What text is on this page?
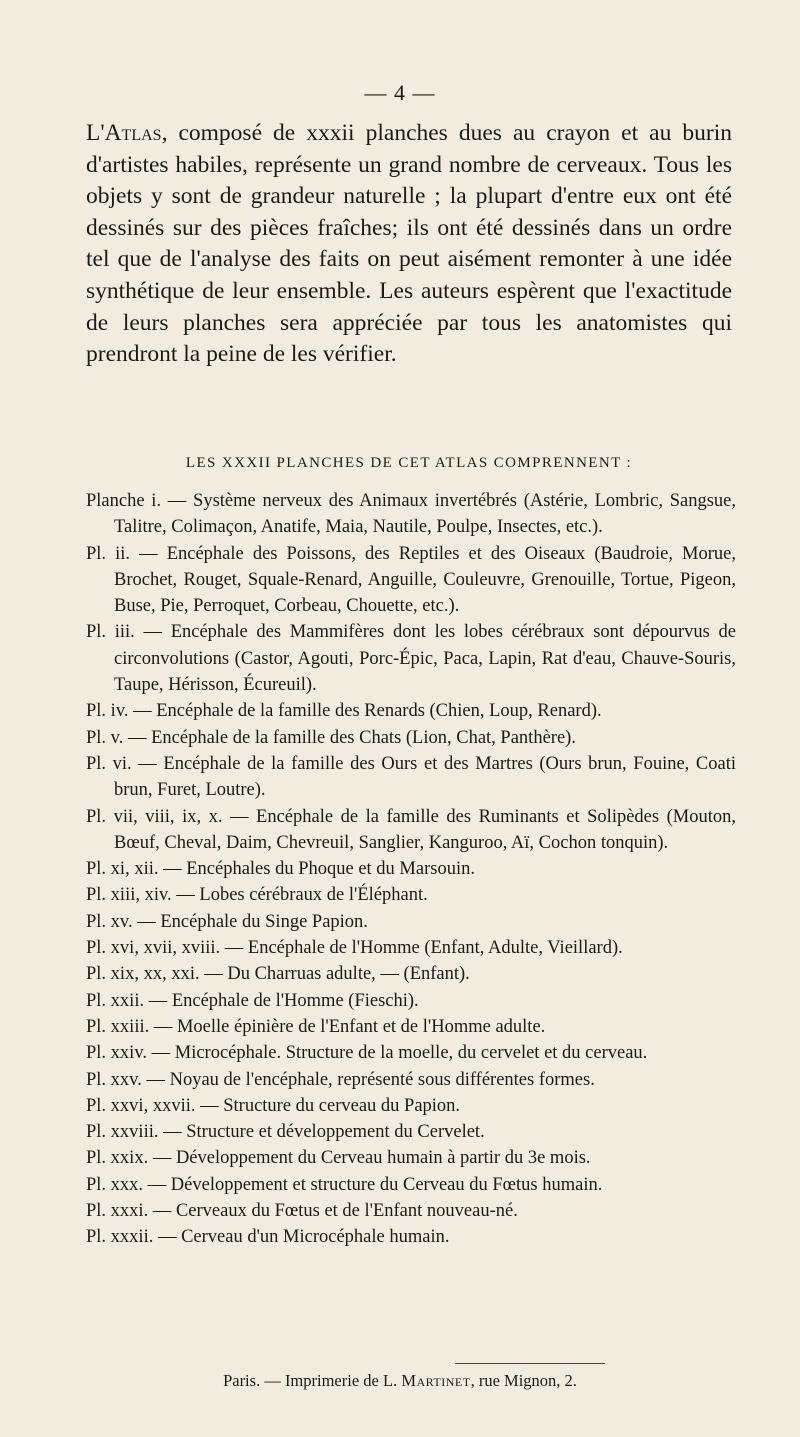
— 4 —

L'Atlas, composé de xxxii planches dues au crayon et au burin d'artistes habiles, représente un grand nombre de cerveaux. Tous les objets y sont de grandeur naturelle ; la plupart d'entre eux ont été dessinés sur des pièces fraîches; ils ont été dessinés dans un ordre tel que de l'analyse des faits on peut aisément remonter à une idée synthétique de leur ensemble. Les auteurs espèrent que l'exactitude de leurs planches sera appréciée par tous les anatomistes qui prendront la peine de les vérifier.

LES XXXII PLANCHES DE CET ATLAS COMPRENNENT :

Planche i. — Système nerveux des Animaux invertébrés (Astérie, Lombric, Sangsue, Talitre, Colimaçon, Anatife, Maia, Nautile, Poulpe, Insectes, etc.).
Pl. ii. — Encéphale des Poissons, des Reptiles et des Oiseaux (Baudroie, Morue, Brochet, Rouget, Squale-Renard, Anguille, Couleuvre, Grenouille, Tortue, Pigeon, Buse, Pie, Perroquet, Corbeau, Chouette, etc.).
Pl. iii. — Encéphale des Mammifères dont les lobes cérébraux sont dépourvus de circonvolutions (Castor, Agouti, Porc-Épic, Paca, Lapin, Rat d'eau, Chauve-Souris, Taupe, Hérisson, Écureuil).
Pl. iv. — Encéphale de la famille des Renards (Chien, Loup, Renard).
Pl. v. — Encéphale de la famille des Chats (Lion, Chat, Panthère).
Pl. vi. — Encéphale de la famille des Ours et des Martres (Ours brun, Fouine, Coati brun, Furet, Loutre).
Pl. vii, viii, ix, x. — Encéphale de la famille des Ruminants et Solipèdes (Mouton, Bœuf, Cheval, Daim, Chevreuil, Sanglier, Kanguroo, Aï, Cochon tonquin).
Pl. xi, xii. — Encéphales du Phoque et du Marsouin.
Pl. xiii, xiv. — Lobes cérébraux de l'Éléphant.
Pl. xv. — Encéphale du Singe Papion.
Pl. xvi, xvii, xviii. — Encéphale de l'Homme (Enfant, Adulte, Vieillard).
Pl. xix, xx, xxi. — Du Charruas adulte, — (Enfant).
Pl. xxii. — Encéphale de l'Homme (Fieschi).
Pl. xxiii. — Moelle épinière de l'Enfant et de l'Homme adulte.
Pl. xxiv. — Microcéphale. Structure de la moelle, du cervelet et du cerveau.
Pl. xxv. — Noyau de l'encéphale, représenté sous différentes formes.
Pl. xxvi, xxvii. — Structure du cerveau du Papion.
Pl. xxviii. — Structure et développement du Cervelet.
Pl. xxix. — Développement du Cerveau humain à partir du 3e mois.
Pl. xxx. — Développement et structure du Cerveau du Fœtus humain.
Pl. xxxi. — Cerveaux du Fœtus et de l'Enfant nouveau-né.
Pl. xxxii. — Cerveau d'un Microcéphale humain.
Paris. — Imprimerie de L. Martinet, rue Mignon, 2.
